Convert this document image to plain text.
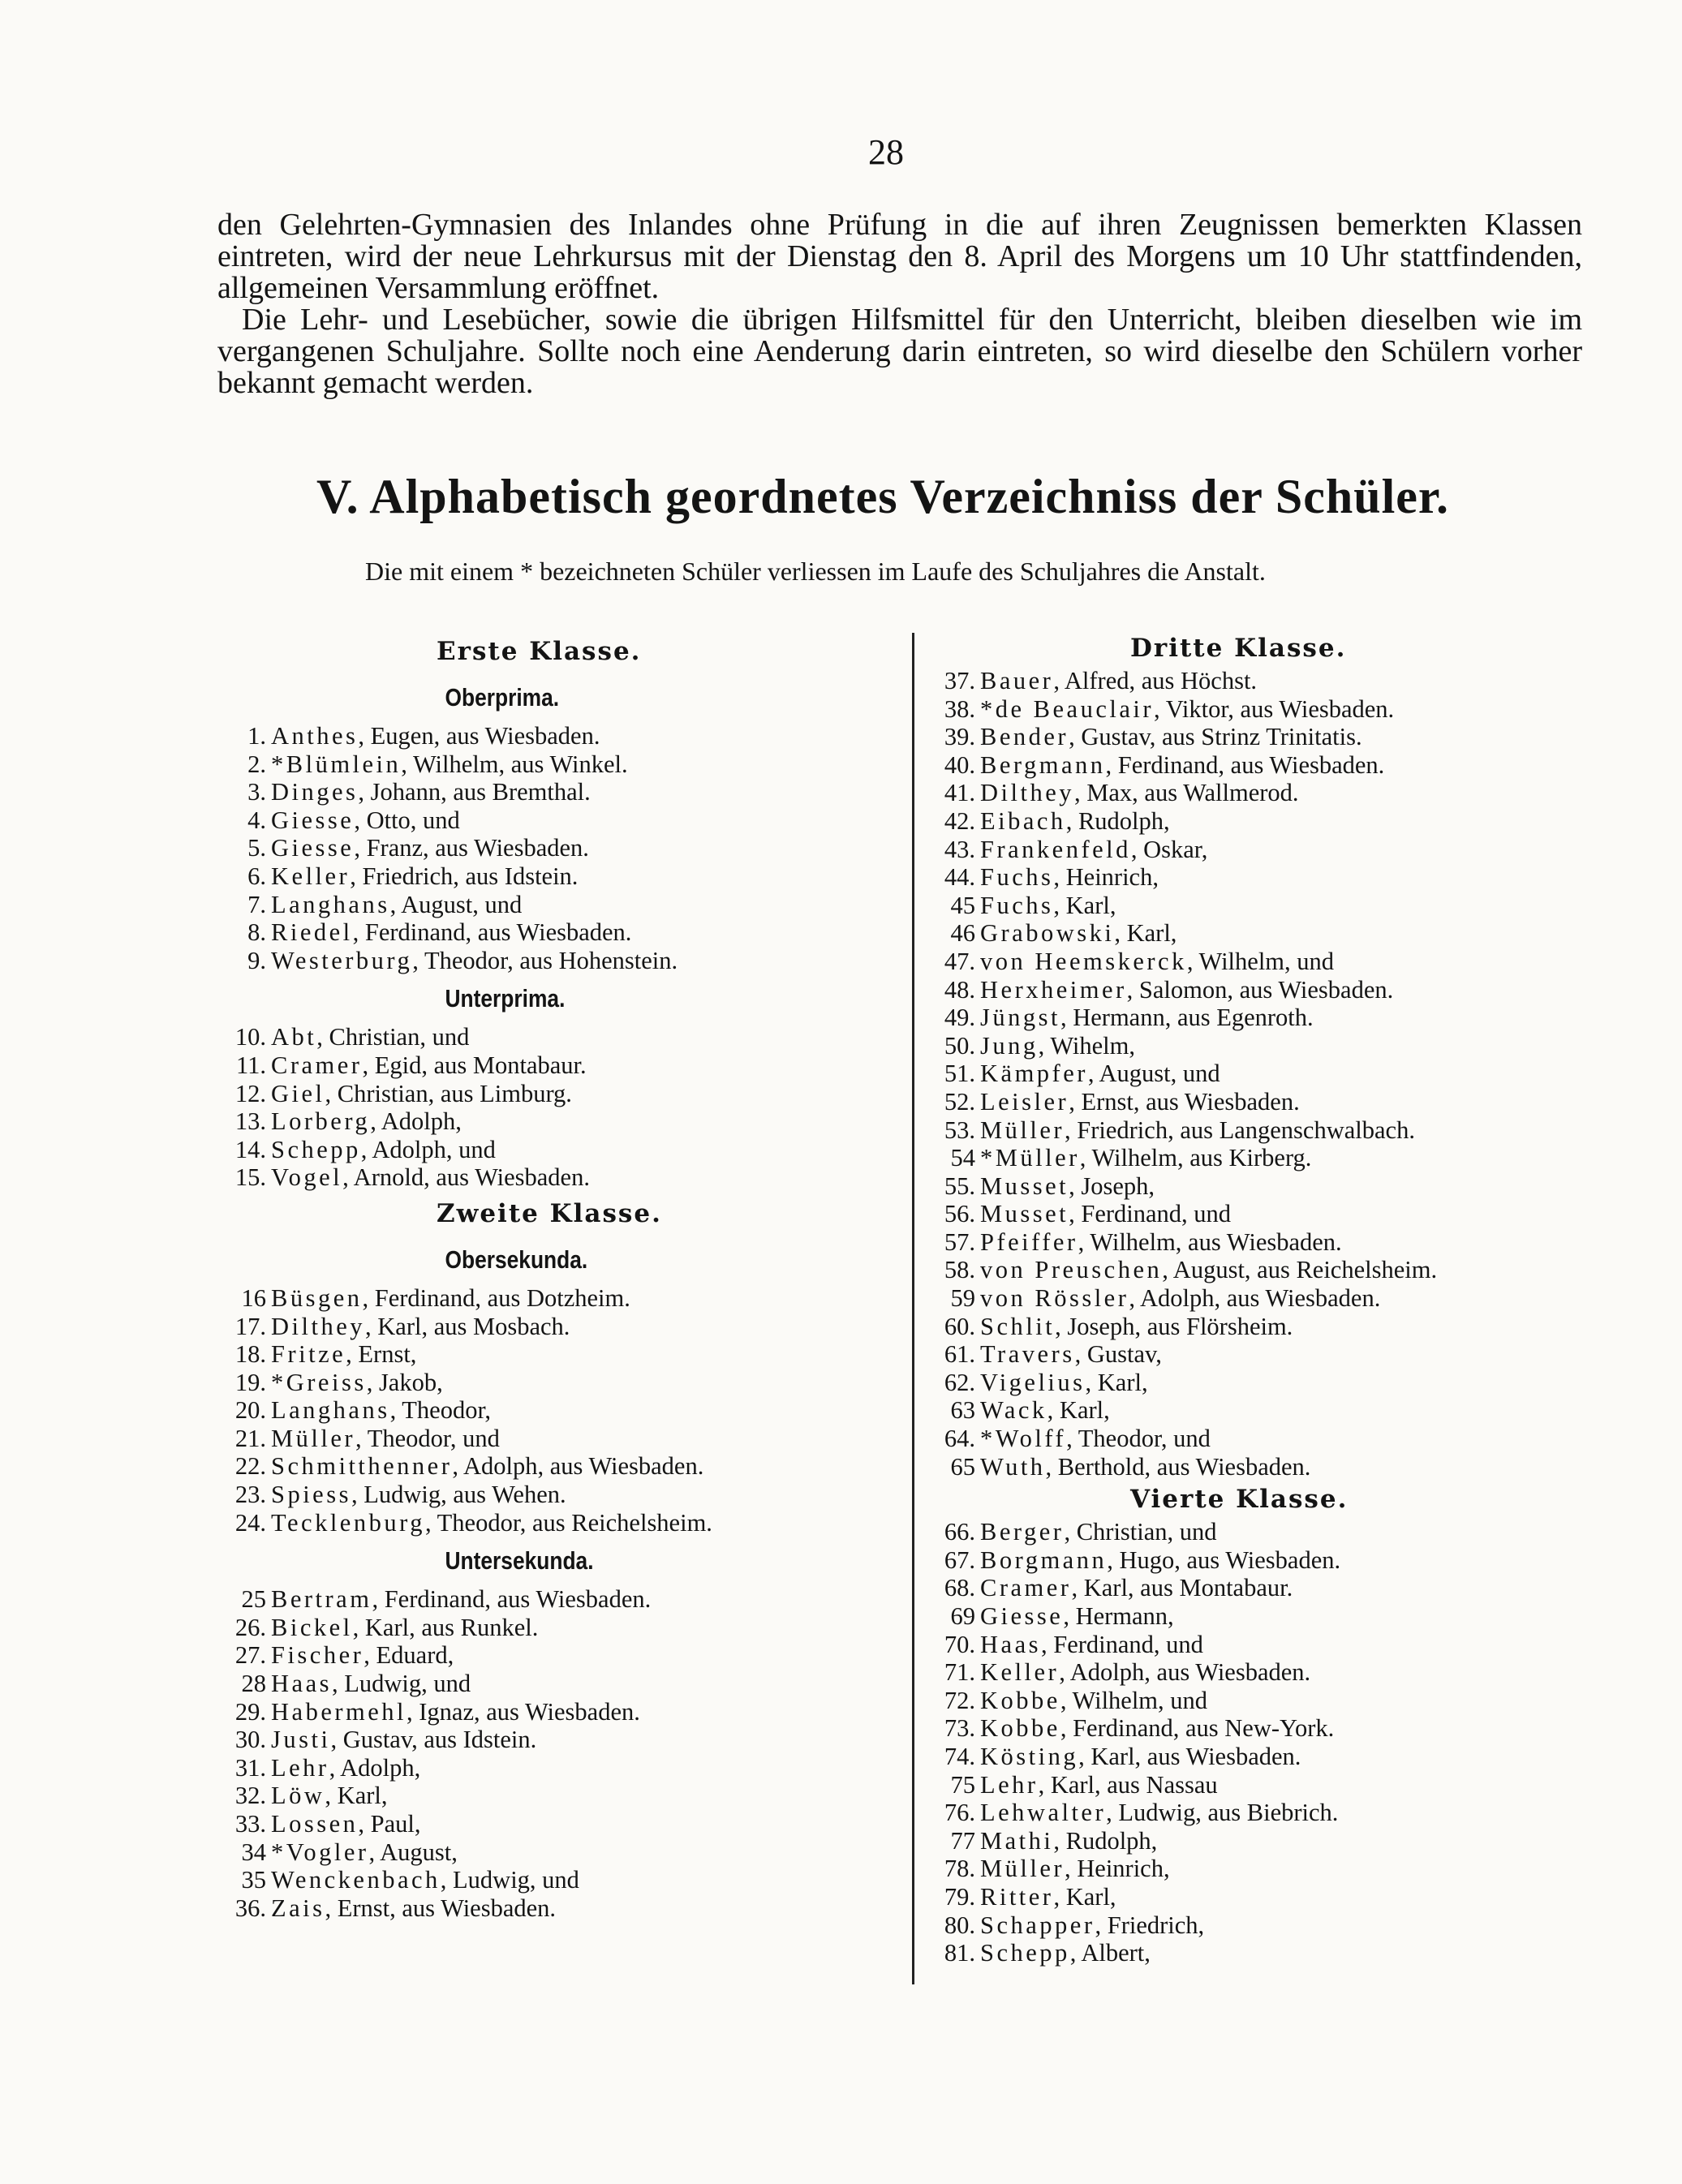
28

den Gelehrten-Gymnasien des Inlandes ohne Prüfung in die auf ihren Zeugnissen bemerkten Klassen eintreten, wird der neue Lehrkursus mit der Dienstag den 8. April des Morgens um 10 Uhr stattfindenden, allgemeinen Versammlung eröffnet.

Die Lehr- und Lesebücher, sowie die übrigen Hilfsmittel für den Unterricht, bleiben dieselben wie im vergangenen Schuljahre. Sollte noch eine Aenderung darin eintreten, so wird dieselbe den Schülern vorher bekannt gemacht werden.

V. Alphabetisch geordnetes Verzeichniss der Schüler.
Die mit einem * bezeichneten Schüler verliessen im Laufe des Schuljahres die Anstalt.
Erste Klasse.
Oberprima.
1. Anthes , Eugen, aus Wiesbaden.
2. *Blümlein , Wilhelm, aus Winkel.
3. Dinges , Johann, aus Bremthal.
4. Giesse , Otto, und
5. Giesse , Franz, aus Wiesbaden.
6. Keller , Friedrich, aus Idstein.
7. Langhans , August, und
8. Riedel , Ferdinand, aus Wiesbaden.
9. Westerburg , Theodor, aus Hohenstein.
Unterprima.
10. Abt , Christian, und
11. Cramer , Egid, aus Montabaur.
12. Giel , Christian, aus Limburg.
13. Lorberg , Adolph,
14. Schepp , Adolph, und
15. Vogel , Arnold, aus Wiesbaden.
Zweite Klasse.
Obersekunda.
16 Büsgen , Ferdinand, aus Dotzheim.
17. Dilthey , Karl, aus Mosbach.
18. Fritze , Ernst,
19. *Greiss , Jakob,
20. Langhans , Theodor,
21. Müller , Theodor, und
22. Schmitthenner , Adolph, aus Wiesbaden.
23. Spiess , Ludwig, aus Wehen.
24. Tecklenburg , Theodor, aus Reichelsheim.
Untersekunda.
25 Bertram , Ferdinand, aus Wiesbaden.
26. Bickel , Karl, aus Runkel.
27. Fischer , Eduard,
28 Haas , Ludwig, und
29. Habermehl , Ignaz, aus Wiesbaden.
30. Justi , Gustav, aus Idstein.
31. Lehr , Adolph,
32. Löw , Karl,
33. Lossen , Paul,
34 *Vogler , August,
35 Wenckenbach , Ludwig, und
36. Zais , Ernst, aus Wiesbaden.
Dritte Klasse.
37. Bauer , Alfred, aus Höchst.
38. *de Beauclair , Viktor, aus Wiesbaden.
39. Bender , Gustav, aus Strinz Trinitatis.
40. Bergmann , Ferdinand, aus Wiesbaden.
41. Dilthey , Max, aus Wallmerod.
42. Eibach , Rudolph,
43. Frankenfeld , Oskar,
44. Fuchs , Heinrich,
45 Fuchs , Karl,
46 Grabowski , Karl,
47. von Heemskerck , Wilhelm, und
48. Herxheimer , Salomon, aus Wiesbaden.
49. Jüngst , Hermann, aus Egenroth.
50. Jung , Wihelm,
51. Kämpfer , August, und
52. Leisler , Ernst, aus Wiesbaden.
53. Müller , Friedrich, aus Langenschwalbach.
54 *Müller , Wilhelm, aus Kirberg.
55. Musset , Joseph,
56. Musset , Ferdinand, und
57. Pfeiffer , Wilhelm, aus Wiesbaden.
58. von Preuschen , August, aus Reichelsheim.
59 von Rössler , Adolph, aus Wiesbaden.
60. Schlit , Joseph, aus Flörsheim.
61. Travers , Gustav,
62. Vigelius , Karl,
63 Wack , Karl,
64. *Wolff , Theodor, und
65 Wuth , Berthold, aus Wiesbaden.
Vierte Klasse.
66. Berger , Christian, und
67. Borgmann , Hugo, aus Wiesbaden.
68. Cramer , Karl, aus Montabaur.
69 Giesse , Hermann,
70. Haas , Ferdinand, und
71. Keller , Adolph, aus Wiesbaden.
72. Kobbe , Wilhelm, und
73. Kobbe , Ferdinand, aus New-York.
74. Kösting , Karl, aus Wiesbaden.
75 Lehr , Karl, aus Nassau
76. Lehwalter , Ludwig, aus Biebrich.
77 Mathi , Rudolph,
78. Müller , Heinrich,
79. Ritter , Karl,
80. Schapper , Friedrich,
81. Schepp , Albert,
